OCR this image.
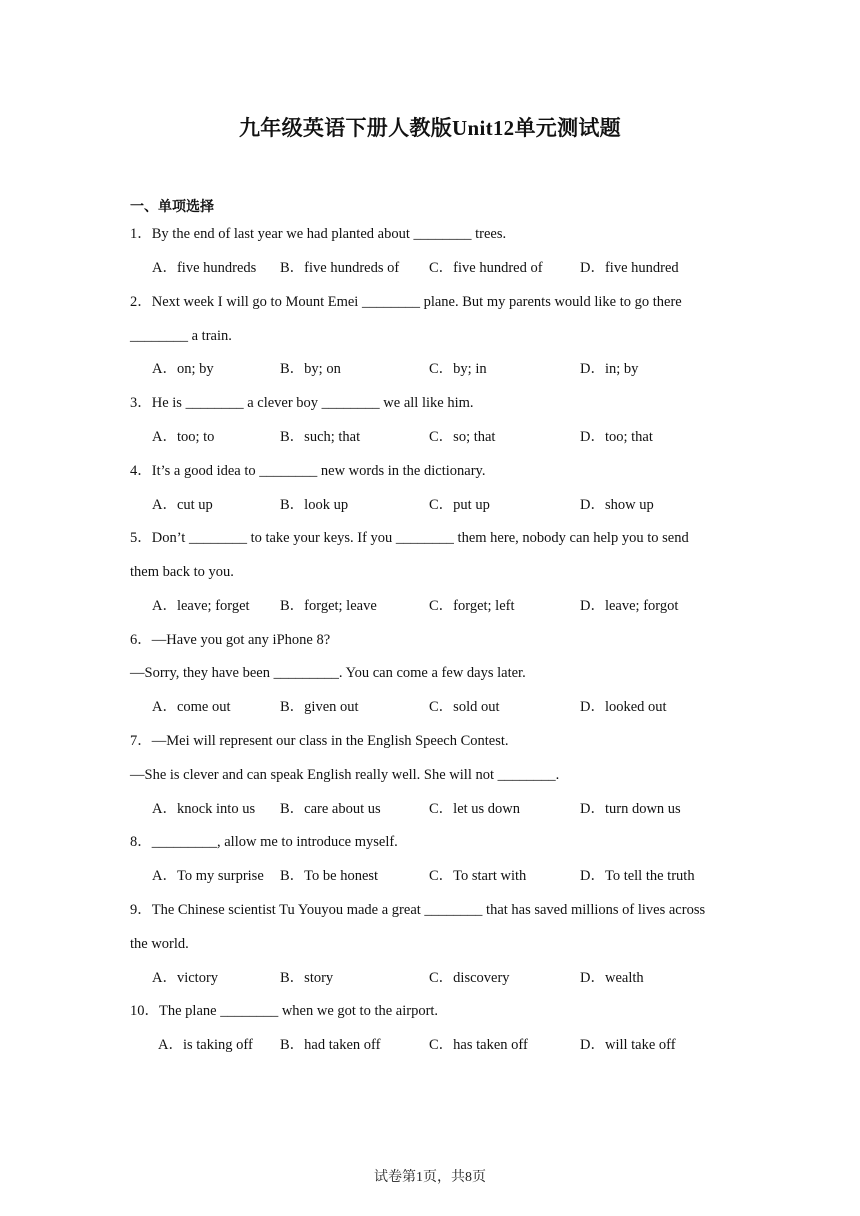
九年级英语下册人教版Unit12单元测试题
一、单项选择
1．By the end of last year we had planted about ________ trees.
A．five hundreds B．five hundreds of C．five hundred of	D．five hundred
2．Next week I will go to Mount Emei ________ plane. But my parents would like to go there
________ a train.
A．on; by	B．by; on	C．by; in	D．in; by
3．He is ________ a clever boy ________ we all like him.
A．too; to	B．such; that	C．so; that	D．too; that
4．It’s a good idea to ________ new words in the dictionary.
A．cut up	B．look up	C．put up	D．show up
5．Don’t ________ to take your keys. If you ________ them here, nobody can help you to send
them back to you.
A．leave; forget B．forget; leave	C．forget; left	D．leave; forgot
6．—Have you got any iPhone 8?
—Sorry, they have been _________. You can come a few days later.
A．come out	B．given out	C．sold out	D．looked out
7．—Mei will represent our class in the English Speech Contest.
—She is clever and can speak English really well. She will not ________.
A．knock into us B．care about us	C．let us down	D．turn down us
8．_________, allow me to introduce myself.
A．To my surprise B．To be honest	C．To start with	D．To tell the truth
9．The Chinese scientist Tu Youyou made a great ________ that has saved millions of lives across
the world.
A．victory	B．story	C．discovery	D．wealth
10．The plane ________ when we got to the airport.
A．is taking off B．had taken off	C．has taken off	D．will take off
试卷第1页，共8页
